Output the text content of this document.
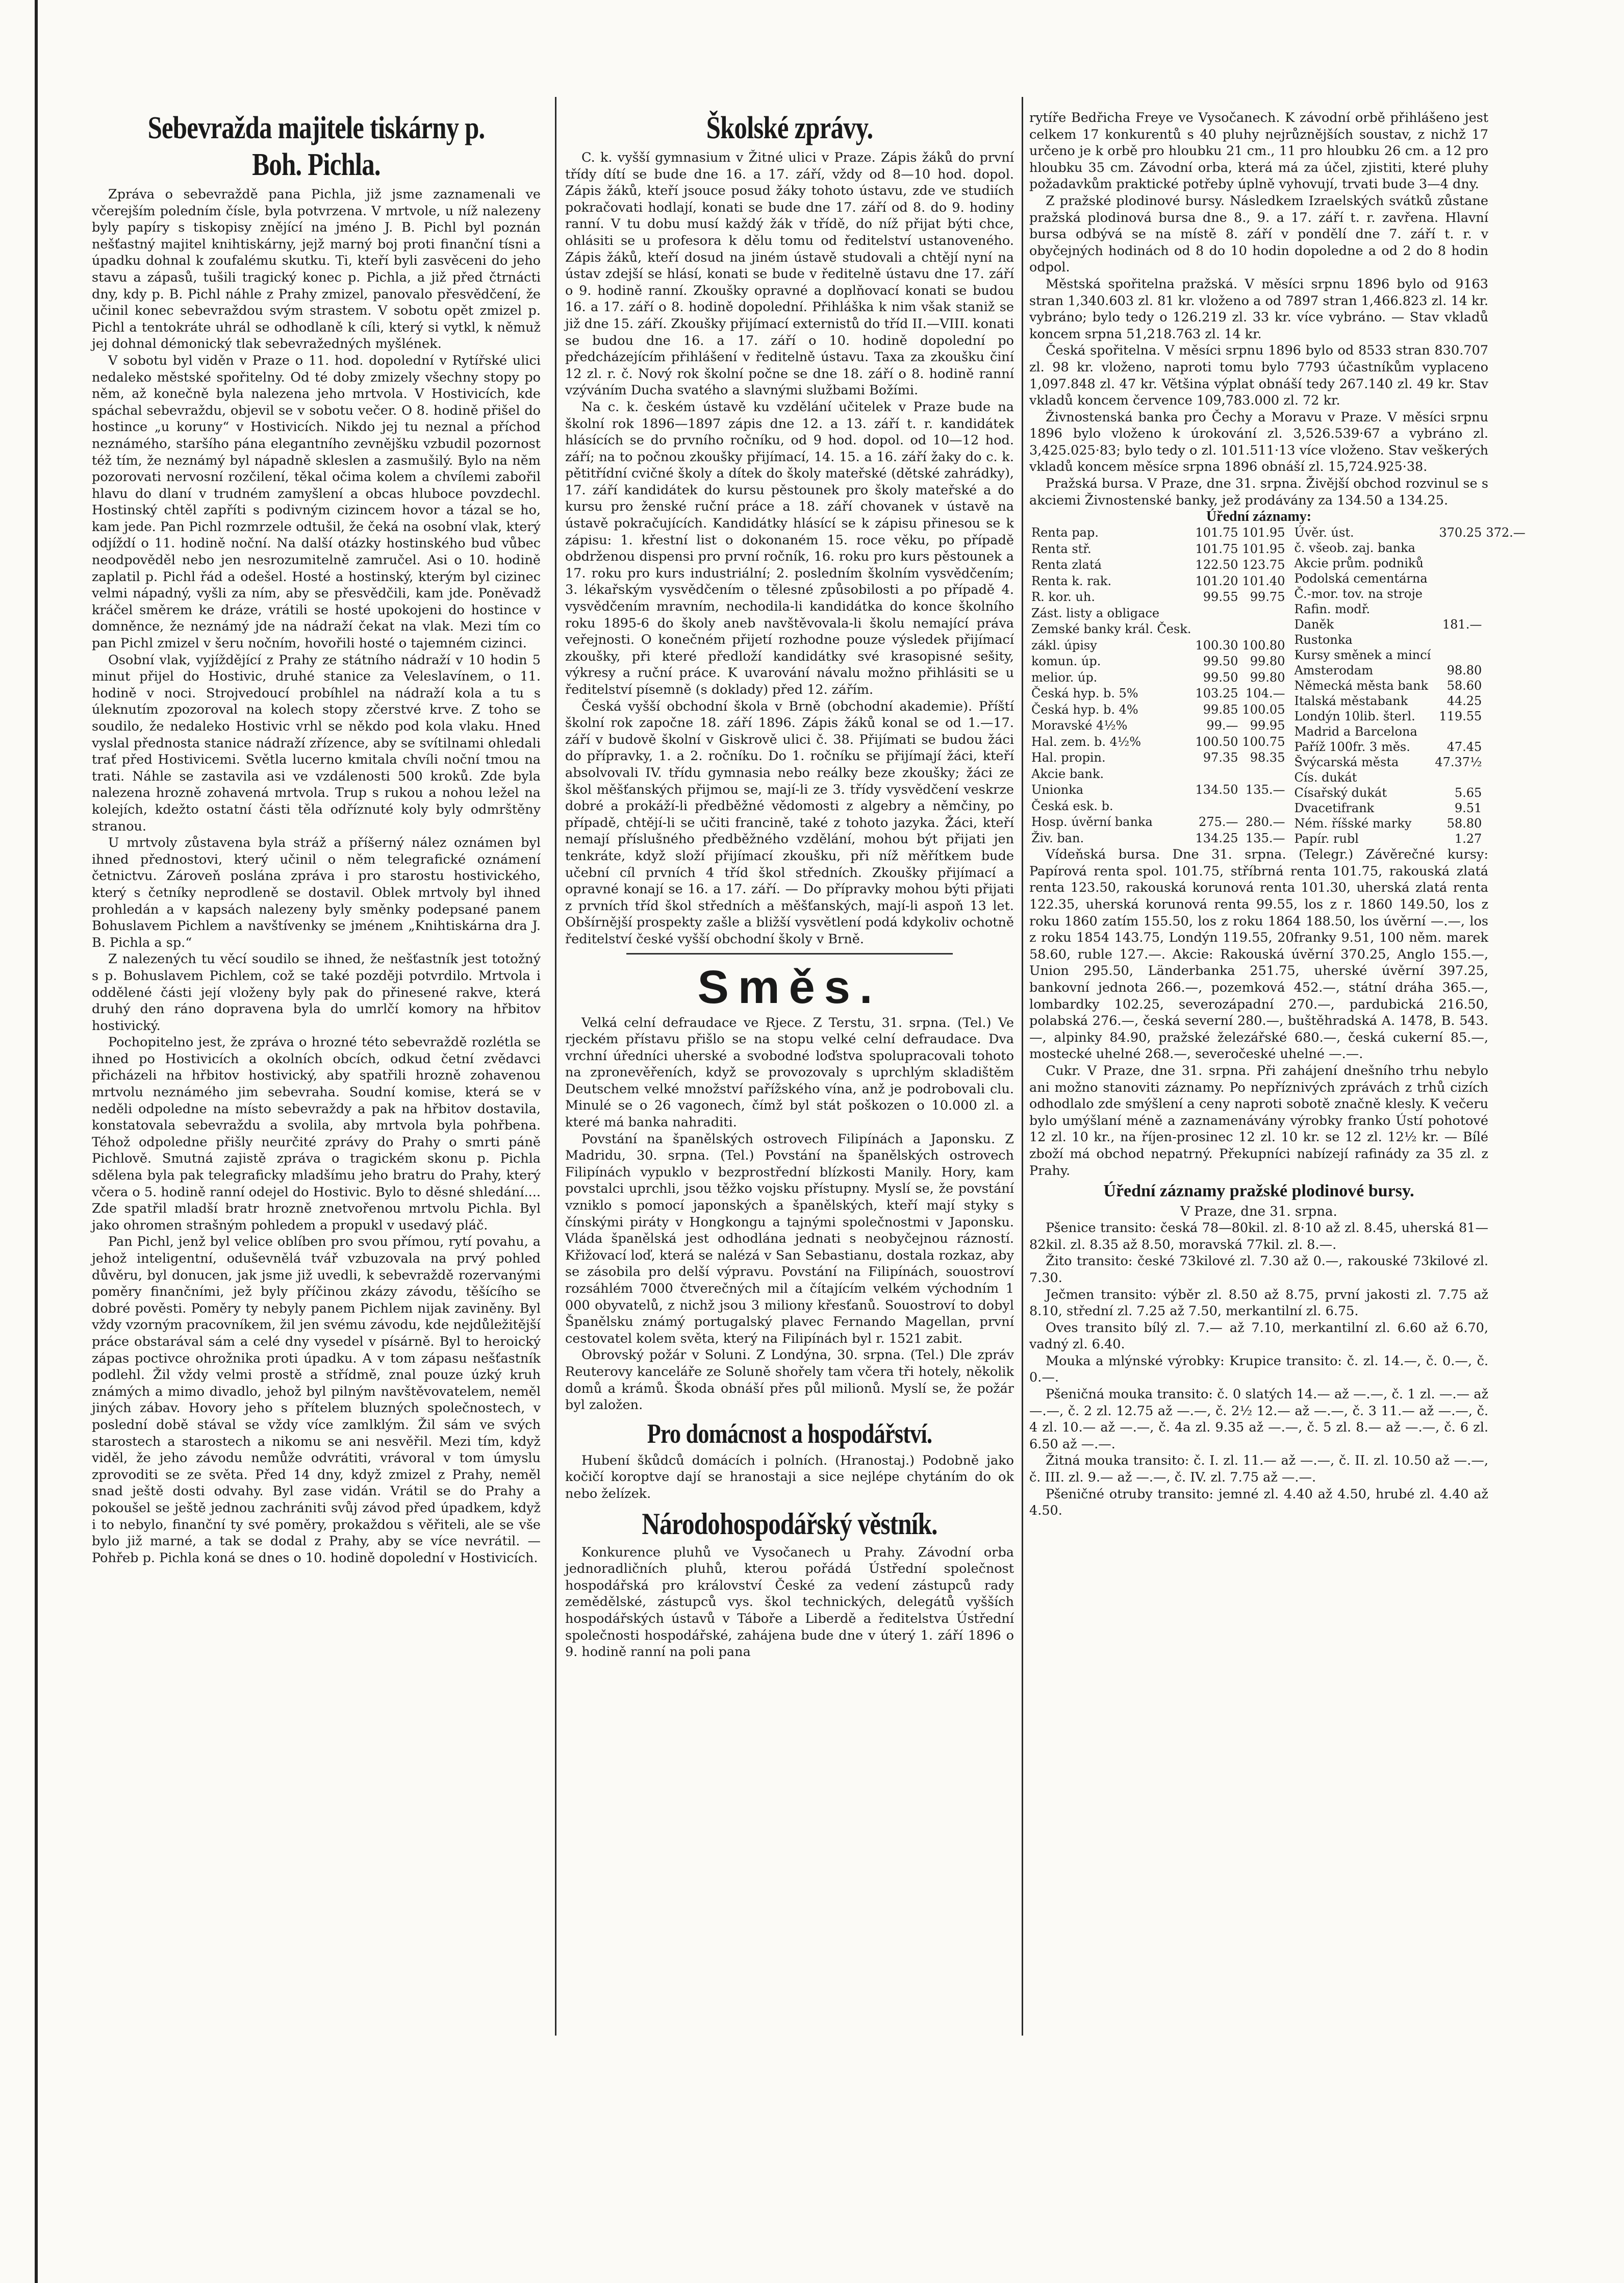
Sebevražda majitele tiskárny p. Boh. Pichla.

Zpráva o sebevraždě pana Pichla, již jsme zaznamenali ve včerejším poledním čísle, byla potvrzena. V mrtvole, u níž nalezeny byly papíry s tiskopisy znějící na jméno J. B. Pichl byl poznán nešťastný majitel knihtiskárny, jejž marný boj proti finanční tísni a úpadku dohnal k zoufalému skutku. Ti, kteří byli zasvěceni do jeho stavu a zápasů, tušili tragický konec p. Pichla, a již před čtrnácti dny, kdy p. B. Pichl náhle z Prahy zmizel, panovalo přesvědčení, že učinil konec sebevraždou svým strastem. V sobotu opět zmizel p. Pichl a tentokráte uhrál se odhodlaně k cíli, který si vytkl, k němuž jej dohnal démonický tlak sebevražedných myšlének.

V sobotu byl viděn v Praze o 11. hod. dopolední v Rytířské ulici nedaleko městské spořitelny. Od té doby zmizely všechny stopy po něm, až konečně byla nalezena jeho mrtvola. V Hostivicích, kde spáchal sebevraždu, objevil se v sobotu večer. O 8. hodině přišel do hostince „u koruny“ v Hostivicích. Nikdo jej tu neznal a příchod neznámého, staršího pána elegantního zevnějšku vzbudil pozornost též tím, že neznámý byl nápadně skleslen a zasmušilý. Bylo na něm pozorovati nervosní rozčilení, těkal očima kolem a chvílemi zabořil hlavu do dlaní v trudném zamyšlení a obcas hluboce povzdechl. Hostinský chtěl zapříti s podivným cizincem hovor a tázal se ho, kam jede. Pan Pichl rozmrzele odtušil, že čeká na osobní vlak, který odjíždí o 11. hodině noční. Na další otázky hostinského bud vůbec neodpověděl nebo jen nesrozumitelně zamručel. Asi o 10. hodině zaplatil p. Pichl řád a odešel. Hosté a hostinský, kterým byl cizinec velmi nápadný, vyšli za ním, aby se přesvědčili, kam jde. Poněvadž kráčel směrem ke dráze, vrátili se hosté upokojeni do hostince v domněnce, že neznámý jde na nádraží čekat na vlak. Mezi tím co pan Pichl zmizel v šeru nočním, hovořili hosté o tajemném cizinci.

Osobní vlak, vyjíždějící z Prahy ze státního nádraží v 10 hodin 5 minut přijel do Hostivic, druhé stanice za Veleslavínem, o 11. hodině v noci. Strojvedoucí probíhlel na nádraží kola a tu s úleknutím zpozoroval na kolech stopy zčerstvé krve. Z toho se soudilo, že nedaleko Hostivic vrhl se někdo pod kola vlaku. Hned vyslal přednosta stanice nádraží zřízence, aby se svítilnami ohledali trať před Hostivicemi. Světla lucerno kmitala chvíli noční tmou na trati. Náhle se zastavila asi ve vzdálenosti 500 kroků. Zde byla nalezena hrozně zohavená mrtvola. Trup s rukou a nohou ležel na kolejích, kdežto ostatní části těla odříznuté koly byly odmrštěny stranou.

U mrtvoly zůstavena byla stráž a příšerný nález oznámen byl ihned přednostovi, který učinil o něm telegrafické oznámení četnictvu. Zároveň poslána zpráva i pro starostu hostivického, který s četníky neprodleně se dostavil. Oblek mrtvoly byl ihned prohledán a v kapsách nalezeny byly směnky podepsané panem Bohuslavem Pichlem a navštívenky se jménem „Knihtiskárna dra J. B. Pichla a sp.“

Z nalezených tu věcí soudilo se ihned, že nešťastník jest totožný s p. Bohuslavem Pichlem, což se také později potvrdilo. Mrtvola i oddělené části její vloženy byly pak do přinesené rakve, která druhý den ráno dopravena byla do umrlčí komory na hřbitov hostivický.

Pochopitelno jest, že zpráva o hrozné této sebevraždě rozlétla se ihned po Hostivicích a okolních obcích, odkud četní zvědavci přicházeli na hřbitov hostivický, aby spatřili hrozně zohavenou mrtvolu neznámého jim sebevraha. Soudní komise, která se v neděli odpoledne na místo sebevraždy a pak na hřbitov dostavila, konstatovala sebevraždu a svolila, aby mrtvola byla pohřbena. Téhož odpoledne přišly neurčité zprávy do Prahy o smrti páně Pichlově. Smutná zajistě zpráva o tragickém skonu p. Pichla sdělena byla pak telegraficky mladšímu jeho bratru do Prahy, který včera o 5. hodině ranní odejel do Hostivic. Bylo to děsné shledání.... Zde spatřil mladší bratr hrozně znetvořenou mrtvolu Pichla. Byl jako ohromen strašným pohledem a propukl v usedavý pláč.

Pan Pichl, jenž byl velice oblíben pro svou přímou, rytí povahu, a jehož inteligentní, oduševnělá tvář vzbuzovala na prvý pohled důvěru, byl donucen, jak jsme již uvedli, k sebevraždě rozervanými poměry finančními, jež byly příčinou zkázy závodu, těšícího se dobré pověsti. Poměry ty nebyly panem Pichlem nijak zaviněny. Byl vždy vzorným pracovníkem, žil jen svému závodu, kde nejdůležitější práce obstarával sám a celé dny vysedel v písárně. Byl to heroický zápas poctivce ohrožnika proti úpadku. A v tom zápasu nešťastník podlehl. Žil vždy velmi prostě a střídmě, znal pouze úzký kruh známých a mimo divadlo, jehož byl pilným navštěvovatelem, neměl jiných zábav. Hovory jeho s přítelem bluzných společnostech, v poslední době stával se vždy více zamlklým. Žil sám ve svých starostech a starostech a nikomu se ani nesvěřil. Mezi tím, když viděl, že jeho závodu nemůže odvrátiti, vrávoral v tom úmyslu zprovoditi se ze světa. Před 14 dny, když zmizel z Prahy, neměl snad ještě dosti odvahy. Byl zase vidán. Vrátil se do Prahy a pokoušel se ještě jednou zachrániti svůj závod před úpadkem, když i to nebylo, finanční ty své poměry, prokaždou s věřiteli, ale se vše bylo již marné, a tak se dodal z Prahy, aby se více nevrátil. — Pohřeb p. Pichla koná se dnes o 10. hodině dopolední v Hostivicích.

Školské zprávy.

C. k. vyšší gymnasium v Žitné ulici v Praze. Zápis žáků do první třídy dítí se bude dne 16. a 17. září, vždy od 8—10 hod. dopol. Zápis žáků, kteří jsouce posud žáky tohoto ústavu, zde ve studiích pokračovati hodlají, konati se bude dne 17. září od 8. do 9. hodiny ranní. V tu dobu musí každý žák v třídě, do níž přijat býti chce, ohlásiti se u profesora k dělu tomu od ředitelství ustanoveného. Zápis žáků, kteří dosud na jiném ústavě studovali a chtějí nyní na ústav zdejší se hlásí, konati se bude v ředitelně ústavu dne 17. září o 9. hodině ranní. Zkoušky opravné a doplňovací konati se budou 16. a 17. září o 8. hodině dopolední. Přihláška k nim však staniž se již dne 15. září. Zkoušky přijímací externistů do tříd II.—VIII. konati se budou dne 16. a 17. září o 10. hodině dopolední po předcházejícím přihlášení v ředitelně ústavu. Taxa za zkoušku činí 12 zl. r. č. Nový rok školní počne se dne 18. září o 8. hodině ranní vzýváním Ducha svatého a slavnými službami Božími.

Na c. k. českém ústavě ku vzdělání učitelek v Praze bude na školní rok 1896—1897 zápis dne 12. a 13. září t. r. kandidátek hlásících se do prvního ročníku, od 9 hod. dopol. od 10—12 hod. září; na to počnou zkoušky přijímací, 14. 15. a 16. září žaky do c. k. pětitřídní cvičné školy a dítek do školy mateřské (dětské zahrádky), 17. září kandidátek do kursu pěstounek pro školy mateřské a do kursu pro ženské ruční práce a 18. září chovanek v ústavě na ústavě pokračujících. Kandidátky hlásící se k zápisu přinesou se k zápisu: 1. křestní list o dokonaném 15. roce věku, po případě obdrženou dispensi pro první ročník, 16. roku pro kurs pěstounek a 17. roku pro kurs industriální; 2. posledním školním vysvědčením; 3. lékařským vysvědčením o tělesné způsobilosti a po případě 4. vysvědčením mravním, nechodila-li kandidátka do konce školního roku 1895-6 do školy aneb navštěvovala-li školu nemající práva veřejnosti. O konečném přijetí rozhodne pouze výsledek přijímací zkoušky, při které předloží kandidátky své krasopisné sešity, výkresy a ruční práce. K uvarování návalu možno přihlásiti se u ředitelství písemně (s doklady) před 12. zářím.

Česká vyšší obchodní škola v Brně (obchodní akademie). Příští školní rok započne 18. září 1896. Zápis žáků konal se od 1.—17. září v budově školní v Giskrově ulici č. 38. Přijímati se budou žáci do přípravky, 1. a 2. ročníku. Do 1. ročníku se přijímají žáci, kteří absolvovali IV. třídu gymnasia nebo reálky beze zkoušky; žáci ze škol měšťanských přijmou se, mají-li ze 3. třídy vysvědčení veskrze dobré a prokáží-li předběžné vědomosti z algebry a němčiny, po případě, chtějí-li se učiti francině, také z tohoto jazyka. Žáci, kteří nemají příslušného předběžného vzdělání, mohou být přijati jen tenkráte, když složí přijímací zkoušku, při níž měřítkem bude učební cíl prvních 4 tříd škol středních. Zkoušky přijímací a opravné konají se 16. a 17. září. — Do přípravky mohou býti přijati z prvních tříd škol středních a měšťanských, mají-li aspoň 13 let. Obšírnější prospekty zašle a bližší vysvětlení podá kdykoliv ochotně ředitelství české vyšší obchodní školy v Brně.

Směs.

Velká celní defraudace ve Rjece. Z Terstu, 31. srpna. (Tel.) Ve rjeckém přístavu přišlo se na stopu velké celní defraudace. Dva vrchní úředníci uherské a svobodné loďstva spolupracovali tohoto na zpronevěřeních, když se provozovaly s uprchlým skladištěm Deutschem velké množství pařížského vína, anž je podrobovali clu. Minulé se o 26 vagonech, čímž byl stát poškozen o 10.000 zl. a které má banka nahraditi.

Povstání na španělských ostrovech Filipínách a Japonsku. Z Madridu, 30. srpna. (Tel.) Povstání na španělských ostrovech Filipínách vypuklo v bezprostřední blízkosti Manily. Hory, kam povstalci uprchli, jsou těžko vojsku přístupny. Myslí se, že povstání vzniklo s pomocí japonských a španělských, kteří mají styky s čínskými piráty v Hongkongu a tajnými společnostmi v Japonsku. Vláda španělská jest odhodlána jednati s neobyčejnou rázností. Křižovací loď, která se nalézá v San Sebastianu, dostala rozkaz, aby se zásobila pro delší výpravu. Povstání na Filipínách, souostroví rozsáhlém 7000 čtverečných mil a čítajícím velkém východním 1 000 obyvatelů, z nichž jsou 3 miliony křesťanů. Souostroví to dobyl Španělsku známý portugalský plavec Fernando Magellan, první cestovatel kolem světa, který na Filipínách byl r. 1521 zabit.

Obrovský požár v Soluni. Z Londýna, 30. srpna. (Tel.) Dle zpráv Reuterovy kanceláře ze Soluně shořely tam včera tři hotely, několik domů a krámů. Škoda obnáší přes půl milionů. Myslí se, že požár byl založen.

Pro domácnost a hospodářství.

Hubení škůdců domácích i polních. (Hranostaj.) Podobně jako kočičí koroptve dají se hranostaji a sice nejlépe chytáním do ok nebo želízek.

Národohospodářský věstník.

Konkurence pluhů ve Vysočanech u Prahy. Závodní orba jednoradličních pluhů, kterou pořádá Ústřední společnost hospodářská pro království České za vedení zástupců rady zemědělské, zástupců vys. škol technických, delegátů vyšších hospodářských ústavů v Táboře a Liberdě a ředitelstva Ústřední společnosti hospodářské, zahájena bude dne v úterý 1. září 1896 o 9. hodině ranní na poli pana

rytíře Bedřicha Freye ve Vysočanech. K závodní orbě přihlášeno jest celkem 17 konkurentů s 40 pluhy nejrůznějších soustav, z nichž 17 určeno je k orbě pro hloubku 21 cm., 11 pro hloubku 26 cm. a 12 pro hloubku 35 cm. Závodní orba, která má za účel, zjistiti, které pluhy požadavkům praktické potřeby úplně vyhovují, trvati bude 3—4 dny.

Z pražské plodinové bursy. Následkem Izraelských svátků zůstane pražská plodinová bursa dne 8., 9. a 17. září t. r. zavřena. Hlavní bursa odbývá se na místě 8. září v pondělí dne 7. září t. r. v obyčejných hodinách od 8 do 10 hodin dopoledne a od 2 do 8 hodin odpol.

Městská spořitelna pražská. V měsíci srpnu 1896 bylo od 9163 stran 1,340.603 zl. 81 kr. vloženo a od 7897 stran 1,466.823 zl. 14 kr. vybráno; bylo tedy o 126.219 zl. 33 kr. více vybráno. — Stav vkladů koncem srpna 51,218.763 zl. 14 kr.

Česká spořitelna. V měsíci srpnu 1896 bylo od 8533 stran 830.707 zl. 98 kr. vloženo, naproti tomu bylo 7793 účastníkům vyplaceno 1,097.848 zl. 47 kr. Většina výplat obnáší tedy 267.140 zl. 49 kr. Stav vkladů koncem července 109,783.000 zl. 72 kr.

Živnostenská banka pro Čechy a Moravu v Praze. V měsíci srpnu 1896 bylo vloženo k úrokování zl. 3,526.539·67 a vybráno zl. 3,425.025·83; bylo tedy o zl. 101.511·13 více vloženo. Stav veškerých vkladů koncem měsíce srpna 1896 obnáší zl. 15,724.925·38.

Pražská bursa. V Praze, dne 31. srpna. Živější obchod rozvinul se s akciemi Živnostenské banky, jež prodávány za 134.50 a 134.25.

Úřední záznamy:
Renta pap.	101.75	101.95
Renta stř.	101.75	101.95
Renta zlatá	122.50	123.75
Renta k. rak.	101.20	101.40
R. kor. uh.	99.55	99.75
Zást. listy a obligace		
Zemské banky král. Česk.		
zákl. úpisy	100.30	100.80
komun. úp.	99.50	99.80
melior. úp.	99.50	99.80
Česká hyp. b. 5%	103.25	104.—
Česká hyp. b. 4%	99.85	100.05
Moravské 4½%	99.—	99.95
Hal. zem. b. 4½%	100.50	100.75
Hal. propin.	97.35	98.35
Akcie bank.		
Unionka	134.50	135.—
Česká esk. b.		
Hosp. úvěrní banka	275.—	280.—
Živ. ban.	134.25	135.—
Úvěr. úst.	370.25	372.—
č. všeob. zaj. banka		
Akcie prům. podniků		
Podolská cementárna		
Č.-mor. tov. na stroje		
Rafin. modř.		
Daněk	181.—	
Rustonka		
Kursy směnek a mincí		
Amsterodam	98.80	
Německá města bank	58.60	
Italská městabank	44.25	
Londýn 10lib. šterl.	119.55	
Madrid a Barcelona		
Paříž 100fr. 3 měs.	47.45	
Švýcarská města	47.37½	
Cís. dukát		
Císařský dukát	5.65	
Dvacetifrank	9.51	
Ném. říšské marky	58.80	
Papír. rubl	1.27	

Vídeňská bursa. Dne 31. srpna. (Telegr.) Závěrečné kursy: Papírová renta spol. 101.75, stříbrná renta 101.75, rakouská zlatá renta 123.50, rakouská korunová renta 101.30, uherská zlatá renta 122.35, uherská korunová renta 99.55, los z r. 1860 149.50, los z roku 1860 zatím 155.50, los z roku 1864 188.50, los úvěrní —.—, los z roku 1854 143.75, Londýn 119.55, 20franky 9.51, 100 něm. marek 58.60, ruble 127.—. Akcie: Rakouská úvěrní 370.25, Anglo 155.—, Union 295.50, Länderbanka 251.75, uherské úvěrní 397.25, bankovní jednota 266.—, pozemková 452.—, státní dráha 365.—, lombardky 102.25, severozápadní 270.—, pardubická 216.50, polabská 276.—, česká severní 280.—, buštěhradská A. 1478, B. 543.—, alpinky 84.90, pražské železářské 680.—, česká cukerní 85.—, mostecké uhelné 268.—, severočeské uhelné —.—.

Cukr. V Praze, dne 31. srpna. Při zahájení dnešního trhu nebylo ani možno stanoviti záznamy. Po nepříznivých zprávách z trhů cizích odhodlalo zde smýšlení a ceny naproti sobotě značně klesly. K večeru bylo umýšlaní méně a zaznamenávány výrobky franko Ústí pohotové 12 zl. 10 kr., na říjen-prosinec 12 zl. 10 kr. se 12 zl. 12½ kr. — Bílé zboží má obchod nepatrný. Překupníci nabízejí rafinády za 35 zl. z Prahy.

Úřední záznamy pražské plodinové bursy.
V Praze, dne 31. srpna.

Pšenice transito: česká 78—80kil. zl. 8·10 až zl. 8.45, uherská 81—82kil. zl. 8.35 až 8.50, moravská 77kil. zl. 8.—.

Žito transito: české 73kilové zl. 7.30 až 0.—, rakouské 73kilové zl. 7.30.

Ječmen transito: výběr zl. 8.50 až 8.75, první jakosti zl. 7.75 až 8.10, střední zl. 7.25 až 7.50, merkantilní zl. 6.75.

Oves transito bílý zl. 7.— až 7.10, merkantilní zl. 6.60 až 6.70, vadný zl. 6.40.

Mouka a mlýnské výrobky: Krupice transito: č. zl. 14.—, č. 0.—, č. 0.—.

Pšeničná mouka transito: č. 0 slatých 14.— až —.—, č. 1 zl. —.— až —.—, č. 2 zl. 12.75 až —.—, č. 2½ 12.— až —.—, č. 3 11.— až —.—, č. 4 zl. 10.— až —.—, č. 4a zl. 9.35 až —.—, č. 5 zl. 8.— až —.—, č. 6 zl. 6.50 až —.—.

Žitná mouka transito: č. I. zl. 11.— až —.—, č. II. zl. 10.50 až —.—, č. III. zl. 9.— až —.—, č. IV. zl. 7.75 až —.—.

Pšeničné otruby transito: jemné zl. 4.40 až 4.50, hrubé zl. 4.40 až 4.50.
